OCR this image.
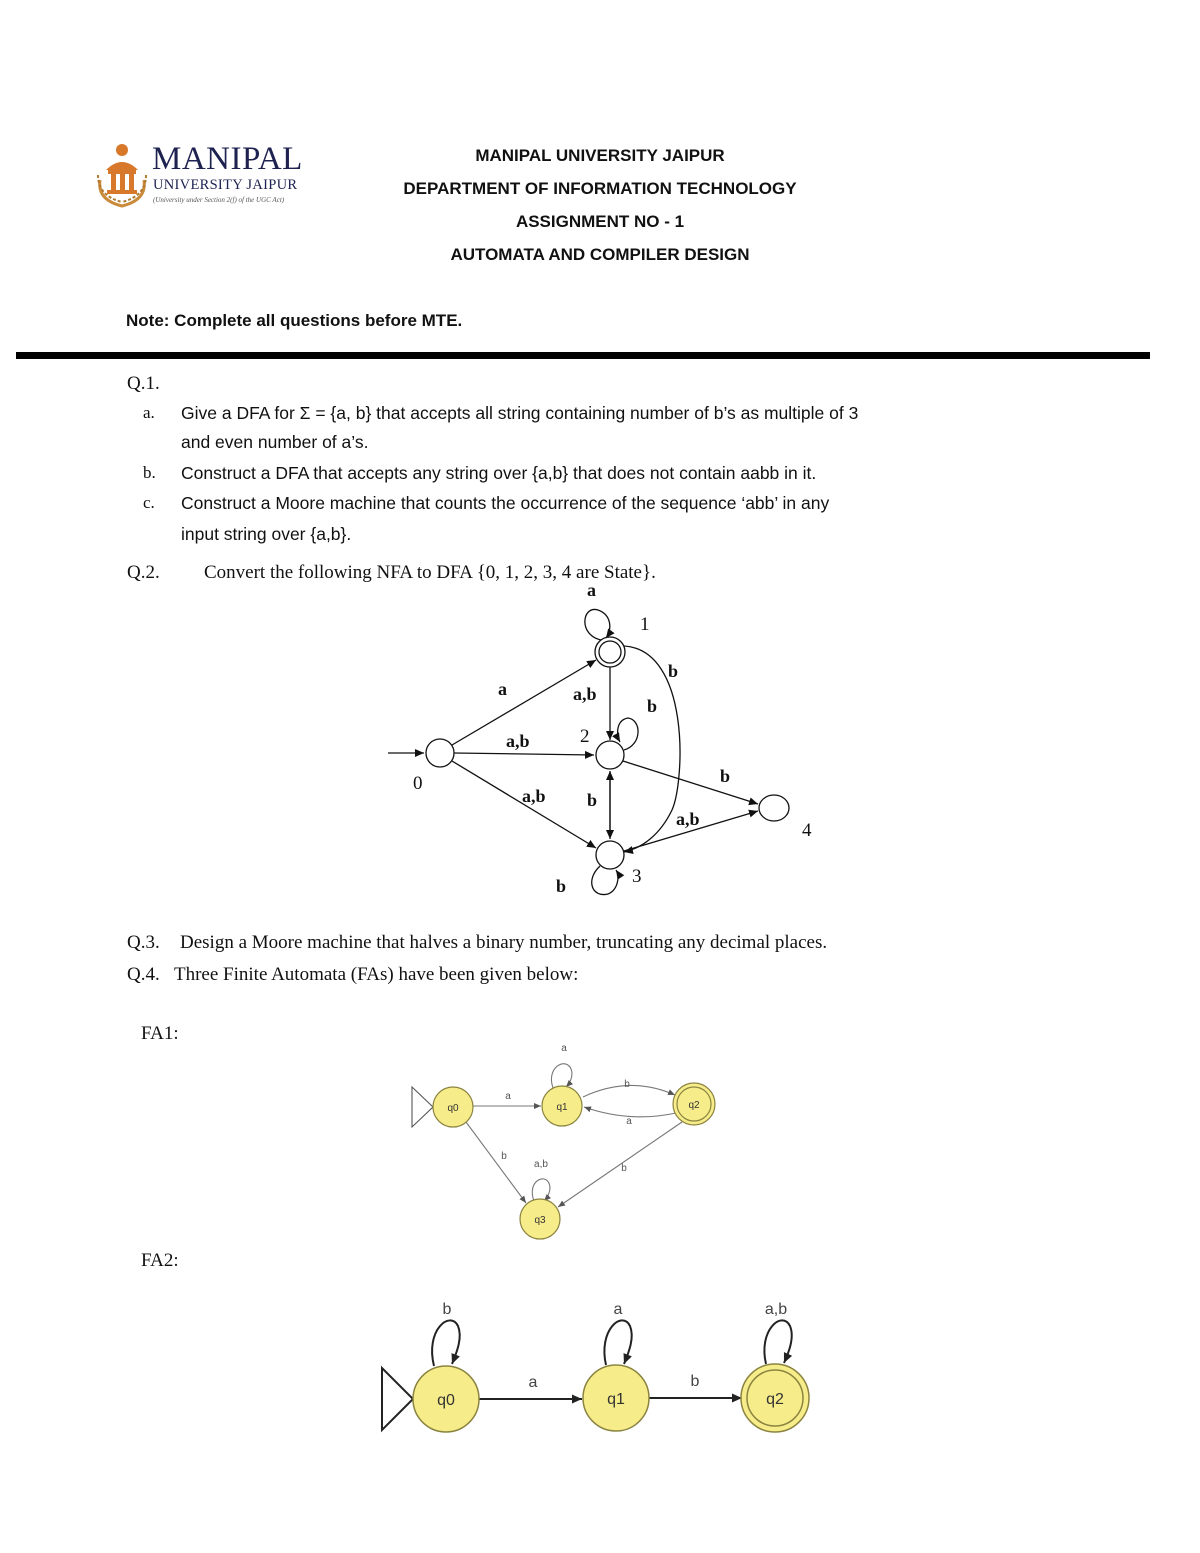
MANIPAL
UNIVERSITY JAIPUR
(University under Section 2(f) of the UGC Act)
MANIPAL UNIVERSITY JAIPUR
DEPARTMENT OF INFORMATION TECHNOLOGY
ASSIGNMENT NO - 1
AUTOMATA AND COMPILER DESIGN
Note: Complete all questions before MTE.
Q.1.
a. Give a DFA for Σ = {a, b} that accepts all string containing number of b’s as multiple of 3
and even number of a’s.
b. Construct a DFA that accepts any string over {a,b} that does not contain aabb in it.
c. Construct a Moore machine that counts the occurrence of the sequence ‘abb’ in any
input string over {a,b}.
Q.2. Convert the following NFA to DFA {0, 1, 2, 3, 4 are State}.
0
1
2
3
4
a
a
a,b
a,b
a,b
b
b
b
b
a,b
b
Q.3. Design a Moore machine that halves a binary number, truncating any decimal places.
Q.4. Three Finite Automata (FAs) have been given below:
FA1:
q0	q1	q2
q3
a
a
b
a
b
b
a,b
FA2:
q0	q1	q2
b
a
a
b
a,b
